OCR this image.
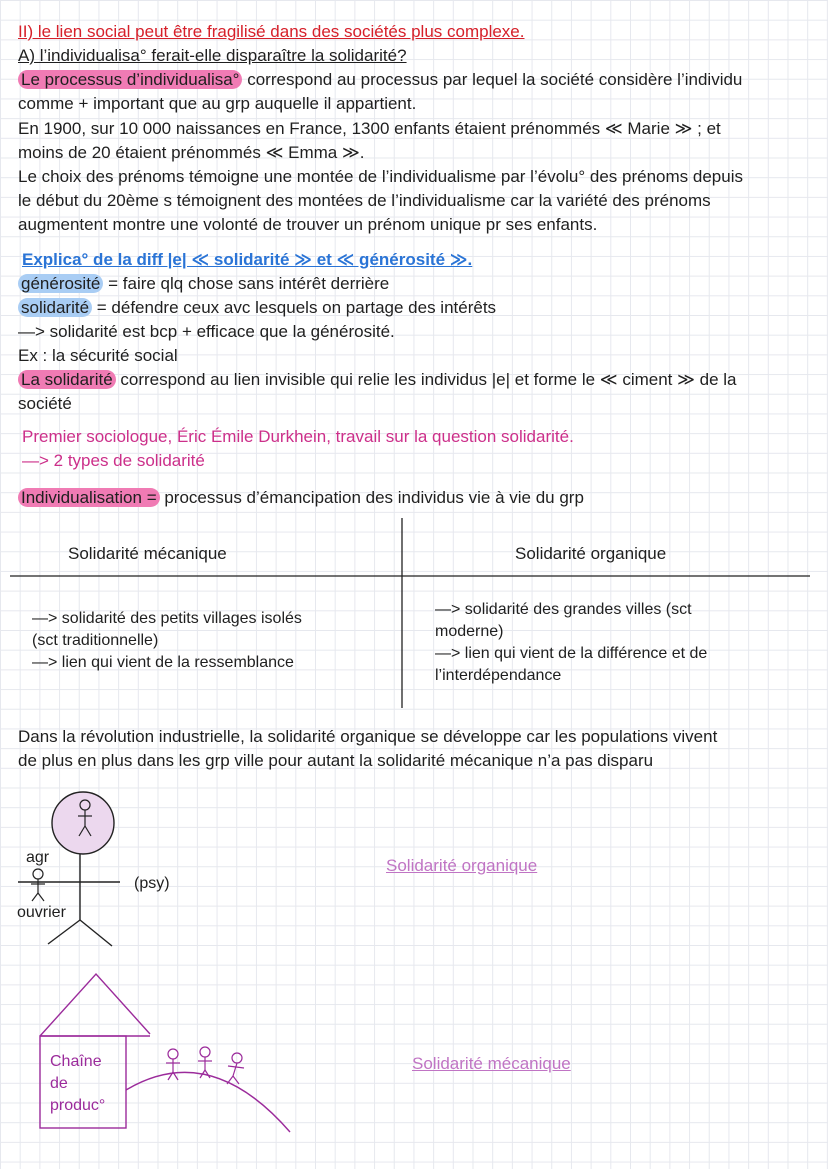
II) le lien social peut être fragilisé dans des sociétés plus complexe.
A) l’individualisa° ferait-elle disparaître la solidarité?
Le processus d’individualisa° correspond au processus par lequel la société considère l’individu
comme + important que au grp auquelle il appartient.
En 1900, sur 10 000 naissances en France, 1300 enfants étaient prénommés ≪ Marie ≫ ; et
moins de 20 étaient prénommés ≪ Emma ≫.
Le choix des prénoms témoigne une montée de l’individualisme par l’évolu° des prénoms depuis
le début du 20ème s témoignent des montées de l’individualisme car la variété des prénoms
augmentent montre une volonté de trouver un prénom unique pr ses enfants.
Explica° de la diff |e| ≪ solidarité ≫ et ≪ générosité ≫.
générosité = faire qlq chose sans intérêt derrière
solidarité = défendre ceux avc lesquels on partage des intérêts
—> solidarité est bcp + efficace que la générosité.
Ex : la sécurité social
La solidarité correspond au lien invisible qui relie les individus |e| et forme le ≪ ciment ≫ de la
société
Premier sociologue, Éric Émile Durkhein, travail sur la question solidarité.
—> 2 types de solidarité
Individualisation = processus d’émancipation des individus vie à vie du grp
Solidarité mécanique	Solidarité organique
—> solidarité des petits villages isolés
(sct traditionnelle)
—> lien qui vient de la ressemblance
—> solidarité des grandes villes (sct
moderne)
—> lien qui vient de la différence et de
l’interdépendance
Dans la révolution industrielle, la solidarité organique se développe car les populations vivent
de plus en plus dans les grp ville pour autant la solidarité mécanique n’a pas disparu
agr
(psy)
ouvrier
Solidarité organique
Chaîne
de
produc°
Solidarité mécanique
